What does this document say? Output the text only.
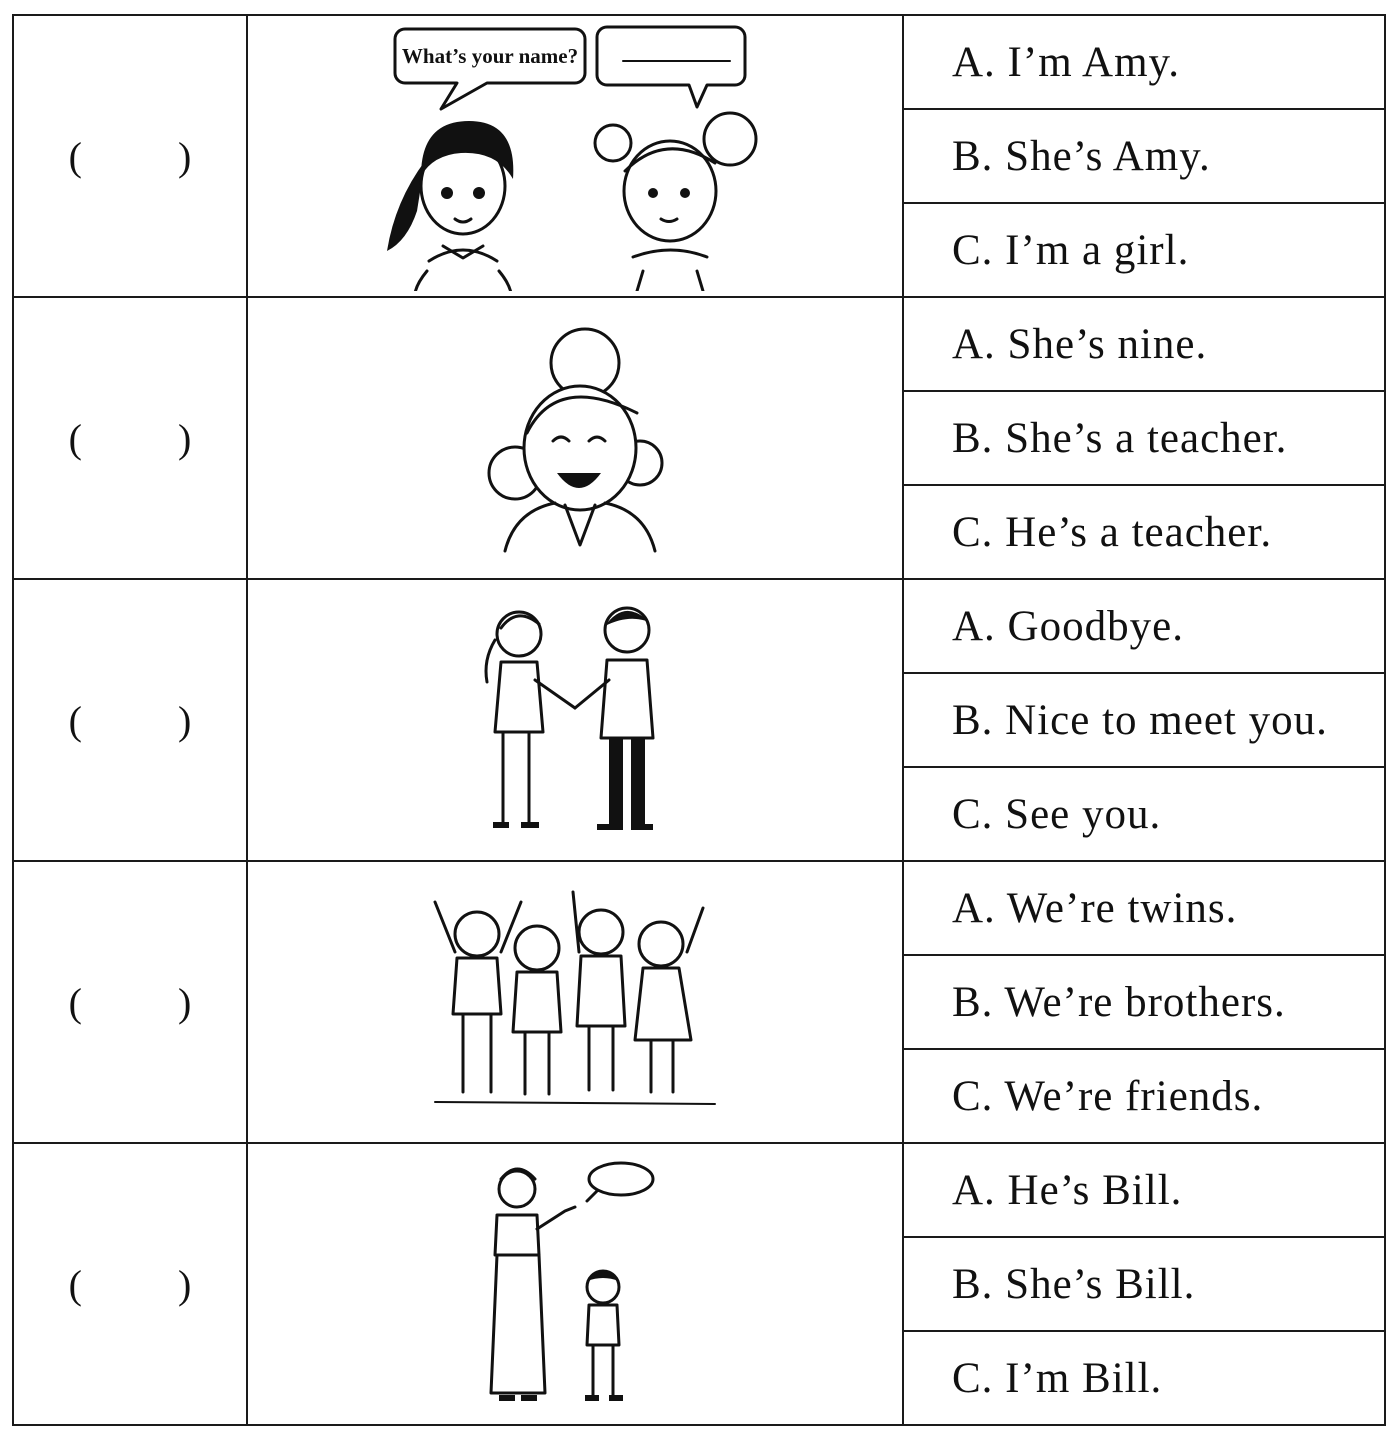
( )	What’s your name?	A. I’m Amy.
		B. She’s Amy.
		C. I’m a girl.
( )		A. She’s nine.
		B. She’s a teacher.
		C. He’s a teacher.
( )		A. Goodbye.
		B. Nice to meet you.
		C. See you.
( )		A. We’re twins.
		B. We’re brothers.
		C. We’re friends.
( )		A. He’s Bill.
		B. She’s Bill.
		C. I’m Bill.
